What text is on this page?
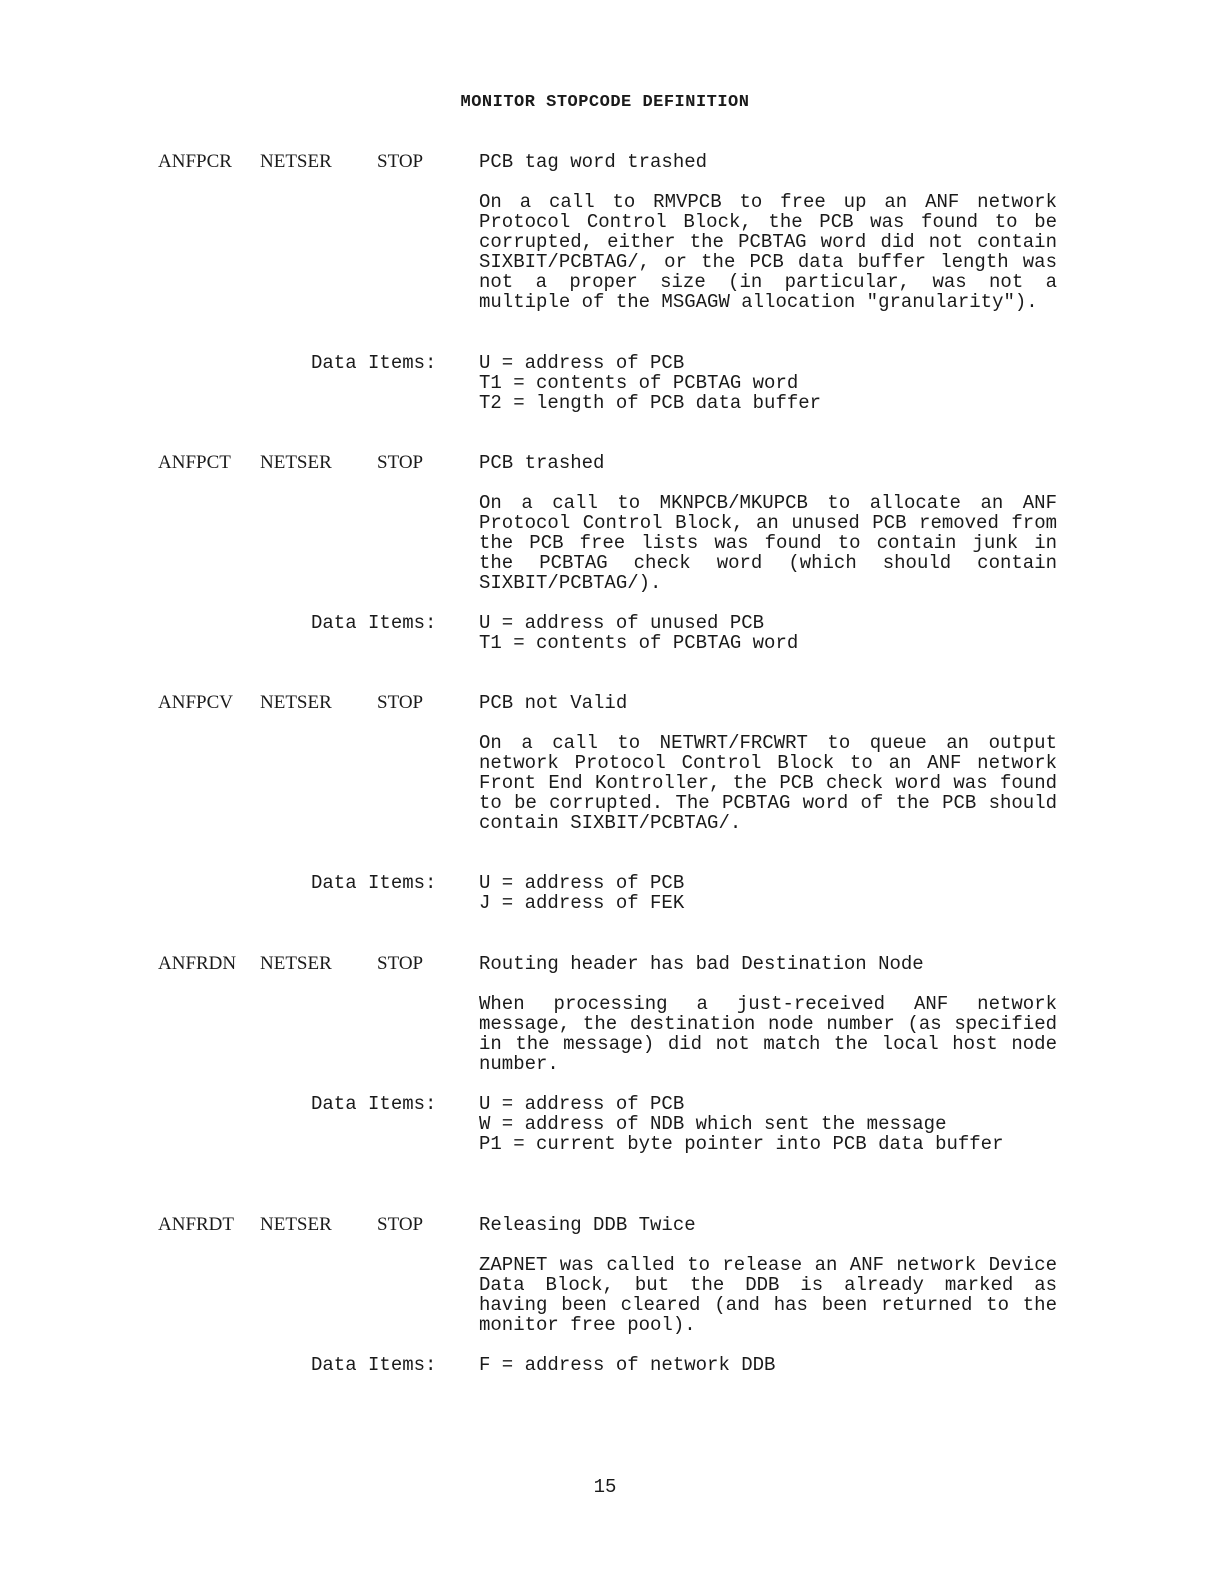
MONITOR STOPCODE DEFINITION
ANFPCR NETSER STOP	PCB tag word trashed

On a call to RMVPCB to free up an ANF network Protocol Control Block, the PCB was found to be corrupted, either the PCBTAG word did not contain SIXBIT/PCBTAG/, or the PCB data buffer length was not a proper size (in particular, was not a multiple of the MSGAGW allocation "granularity").

Data Items: U = address of PCB
T1 = contents of PCBTAG word
T2 = length of PCB data buffer
ANFPCT NETSER STOP	PCB trashed

On a call to MKNPCB/MKUPCB to allocate an ANF Protocol Control Block, an unused PCB removed from the PCB free lists was found to contain junk in the PCBTAG check word (which should contain SIXBIT/PCBTAG/).

Data Items: U = address of unused PCB
T1 = contents of PCBTAG word
ANFPCV NETSER STOP	PCB not Valid

On a call to NETWRT/FRCWRT to queue an output network Protocol Control Block to an ANF network Front End Kontroller, the PCB check word was found to be corrupted. The PCBTAG word of the PCB should contain SIXBIT/PCBTAG/.

Data Items: U = address of PCB
J = address of FEK
ANFRDN NETSER STOP	Routing header has bad Destination Node

When processing a just-received ANF network message, the destination node number (as specified in the message) did not match the local host node number.

Data Items: U = address of PCB
W = address of NDB which sent the message
P1 = current byte pointer into PCB data buffer
ANFRDT NETSER STOP	Releasing DDB Twice

ZAPNET was called to release an ANF network Device Data Block, but the DDB is already marked as having been cleared (and has been returned to the monitor free pool).

Data Items: F = address of network DDB
15
